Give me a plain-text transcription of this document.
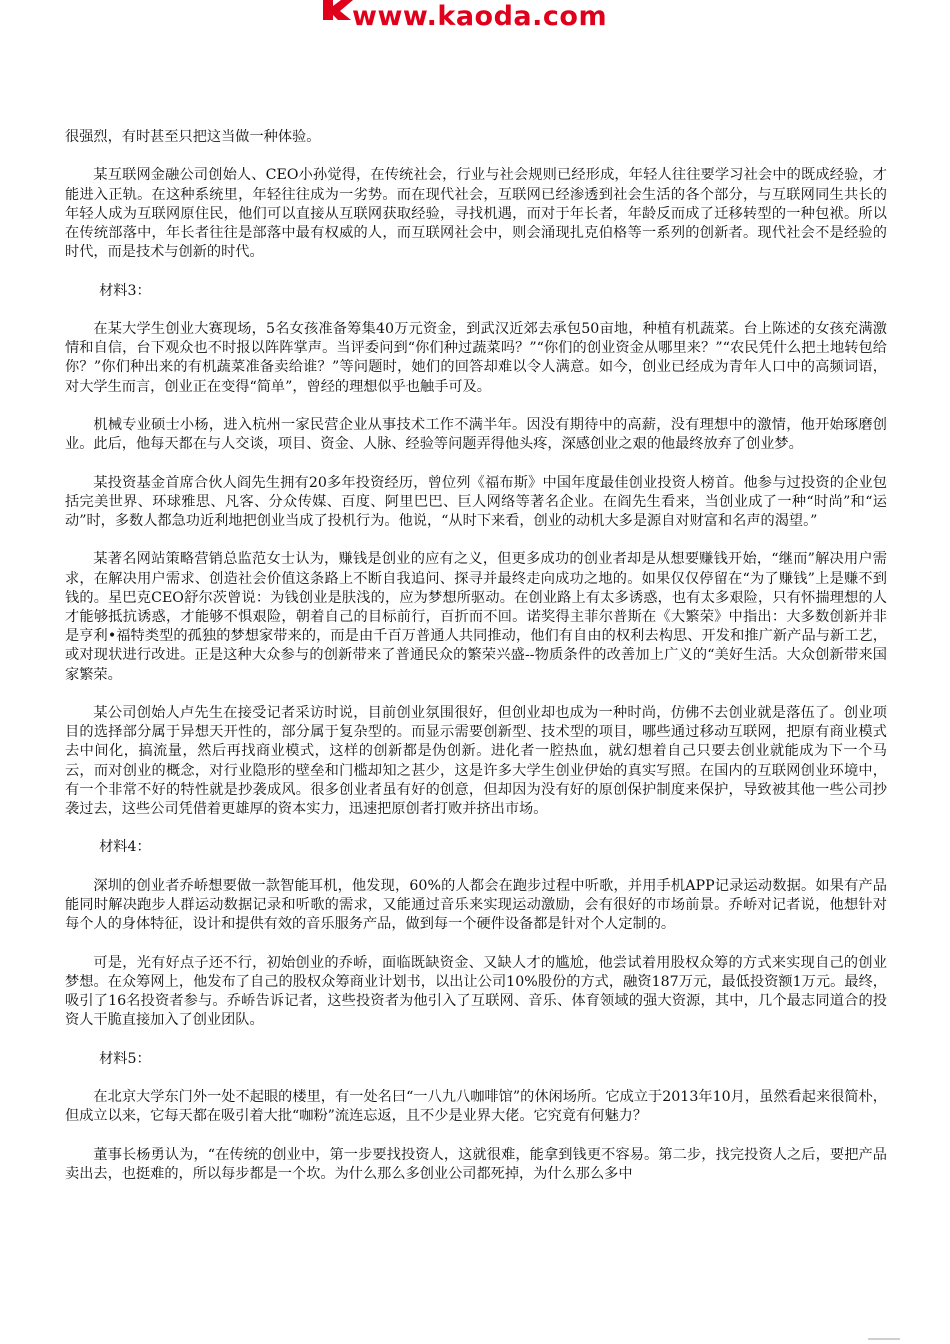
www.kaoda.com

很强烈，有时甚至只把这当做一种体验。

某互联网金融公司创始人、CEO小孙觉得，在传统社会，行业与社会规则已经形成，年轻人往往要学习社会中的既成经验，才能进入正轨。在这种系统里，年轻往往成为一劣势。而在现代社会，互联网已经渗透到社会生活的各个部分，与互联网同生共长的年轻人成为互联网原住民，他们可以直接从互联网获取经验，寻找机遇，而对于年长者，年龄反而成了迁移转型的一种包袱。所以在传统部落中，年长者往往是部落中最有权威的人，而互联网社会中，则会涌现扎克伯格等一系列的创新者。现代社会不是经验的时代，而是技术与创新的时代。

材料3：

在某大学生创业大赛现场，5名女孩准备筹集40万元资金，到武汉近郊去承包50亩地，种植有机蔬菜。台上陈述的女孩充满激情和自信，台下观众也不时报以阵阵掌声。当评委问到“你们种过蔬菜吗？”“你们的创业资金从哪里来？”“农民凭什么把土地转包给你？”你们种出来的有机蔬菜准备卖给谁？”等问题时，她们的回答却难以令人满意。如今，创业已经成为青年人口中的高频词语，对大学生而言，创业正在变得“简单”，曾经的理想似乎也触手可及。

机械专业硕士小杨，进入杭州一家民营企业从事技术工作不满半年。因没有期待中的高薪，没有理想中的激情，他开始琢磨创业。此后，他每天都在与人交谈，项目、资金、人脉、经验等问题弄得他头疼，深感创业之艰的他最终放弃了创业梦。

某投资基金首席合伙人阎先生拥有20多年投资经历，曾位列《福布斯》中国年度最佳创业投资人榜首。他参与过投资的企业包括完美世界、环球雅思、凡客、分众传媒、百度、阿里巴巴、巨人网络等著名企业。在阎先生看来，当创业成了一种“时尚”和“运动”时，多数人都急功近利地把创业当成了投机行为。他说，“从时下来看，创业的动机大多是源自对财富和名声的渴望。”

某著名网站策略营销总监范女士认为，赚钱是创业的应有之义，但更多成功的创业者却是从想要赚钱开始，“继而”解决用户需求，在解决用户需求、创造社会价值这条路上不断自我追问、探寻并最终走向成功之地的。如果仅仅停留在“为了赚钱”上是赚不到钱的。星巴克CEO舒尔茨曾说：为钱创业是肤浅的，应为梦想所驱动。在创业路上有太多诱惑，也有太多艰险，只有怀揣理想的人才能够抵抗诱惑，才能够不惧艰险，朝着自己的目标前行，百折而不回。诺奖得主菲尔普斯在《大繁荣》中指出：大多数创新并非是亨利•福特类型的孤独的梦想家带来的，而是由千百万普通人共同推动，他们有自由的权利去构思、开发和推广新产品与新工艺，或对现状进行改进。正是这种大众参与的创新带来了普通民众的繁荣兴盛--物质条件的改善加上广义的“美好生活。大众创新带来国家繁荣。

某公司创始人卢先生在接受记者采访时说，目前创业氛围很好，但创业却也成为一种时尚，仿佛不去创业就是落伍了。创业项目的选择部分属于异想天开性的，部分属于复杂型的。而显示需要创新型、技术型的项目，哪些通过移动互联网，把原有商业模式去中间化，搞流量，然后再找商业模式，这样的创新都是伪创新。进化者一腔热血，就幻想着自己只要去创业就能成为下一个马云，而对创业的概念，对行业隐形的壁垒和门槛却知之甚少，这是许多大学生创业伊始的真实写照。在国内的互联网创业环境中，有一个非常不好的特性就是抄袭成风。很多创业者虽有好的创意，但却因为没有好的原创保护制度来保护，导致被其他一些公司抄袭过去，这些公司凭借着更雄厚的资本实力，迅速把原创者打败并挤出市场。

材料4：

深圳的创业者乔峤想要做一款智能耳机，他发现，60%的人都会在跑步过程中听歌，并用手机APP记录运动数据。如果有产品能同时解决跑步人群运动数据记录和听歌的需求，又能通过音乐来实现运动激励，会有很好的市场前景。乔峤对记者说，他想针对每个人的身体特征，设计和提供有效的音乐服务产品，做到每一个硬件设备都是针对个人定制的。

可是，光有好点子还不行，初始创业的乔峤，面临既缺资金、又缺人才的尴尬，他尝试着用股权众筹的方式来实现自己的创业梦想。在众筹网上，他发布了自己的股权众筹商业计划书，以出让公司10%股份的方式，融资187万元，最低投资额1万元。最终，吸引了16名投资者参与。乔峤告诉记者，这些投资者为他引入了互联网、音乐、体育领域的强大资源，其中，几个最志同道合的投资人干脆直接加入了创业团队。

材料5：

在北京大学东门外一处不起眼的楼里，有一处名曰“一八九八咖啡馆”的休闲场所。它成立于2013年10月，虽然看起来很简朴，但成立以来，它每天都在吸引着大批“咖粉”流连忘返，且不少是业界大佬。它究竟有何魅力？

董事长杨勇认为，“在传统的创业中，第一步要找投资人，这就很难，能拿到钱更不容易。第二步，找完投资人之后，要把产品卖出去，也挺难的，所以每步都是一个坎。为什么那么多创业公司都死掉，为什么那么多中
